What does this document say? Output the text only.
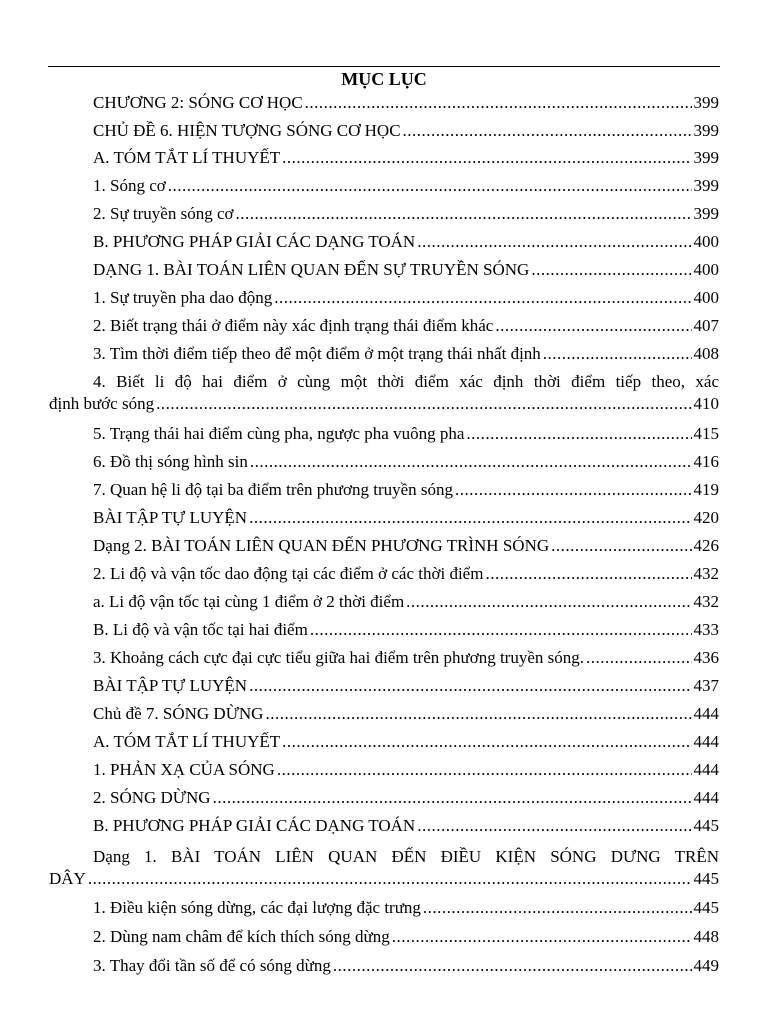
MỤC LỤC
CHƯƠNG 2: SÓNG CƠ HỌC .....	399
CHỦ ĐỀ 6. HIỆN TƯỢNG SÓNG CƠ HỌC .....	399
A. TÓM TẮT LÍ THUYẾT .....	399
1. Sóng cơ .....	399
2. Sự truyền sóng cơ .....	399
B. PHƯƠNG PHÁP GIẢI CÁC DẠNG TOÁN .....	400
DẠNG 1. BÀI TOÁN LIÊN QUAN ĐẾN SỰ TRUYỀN SÓNG .....	400
1. Sự truyền pha dao động .....	400
2. Biết trạng thái ở điểm này xác định trạng thái điểm khác .....	407
3. Tìm thời điểm tiếp theo để một điểm ở một trạng thái nhất định .....	408
4. Biết li độ hai điểm ở cùng một thời điểm xác định thời điểm tiếp theo, xác
định bước sóng .....	410
5. Trạng thái hai điểm cùng pha, ngược pha vuông pha .....	415
6. Đồ thị sóng hình sin .....	416
7. Quan hệ li độ tại ba điểm trên phương truyền sóng .....	419
BÀI TẬP TỰ LUYỆN .....	420
Dạng 2. BÀI TOÁN LIÊN QUAN ĐẾN PHƯƠNG TRÌNH SÓNG .....	426
2. Li độ và vận tốc dao động tại các điểm ở các thời điểm .....	432
a. Li độ vận tốc tại cùng 1 điểm ở 2 thời điểm .....	432
B. Li độ và vận tốc tại hai điểm .....	433
3. Khoảng cách cực đại cực tiểu giữa hai điểm trên phương truyền sóng. .....	436
BÀI TẬP TỰ LUYỆN .....	437
Chủ đề 7. SÓNG DỪNG .....	444
A. TÓM TẮT LÍ THUYẾT .....	444
1. PHẢN XẠ CỦA SÓNG .....	444
2. SÓNG DỪNG .....	444
B. PHƯƠNG PHÁP GIẢI CÁC DẠNG TOÁN .....	445
Dạng 1. BÀI TOÁN LIÊN QUAN ĐẾN ĐIỀU KIỆN SÓNG DƯNG TRÊN
DÂY .....	445
1. Điều kiện sóng dừng, các đại lượng đặc trưng .....	445
2. Dùng nam châm để kích thích sóng dừng .....	448
3. Thay đổi tần số để có sóng dừng .....	449
